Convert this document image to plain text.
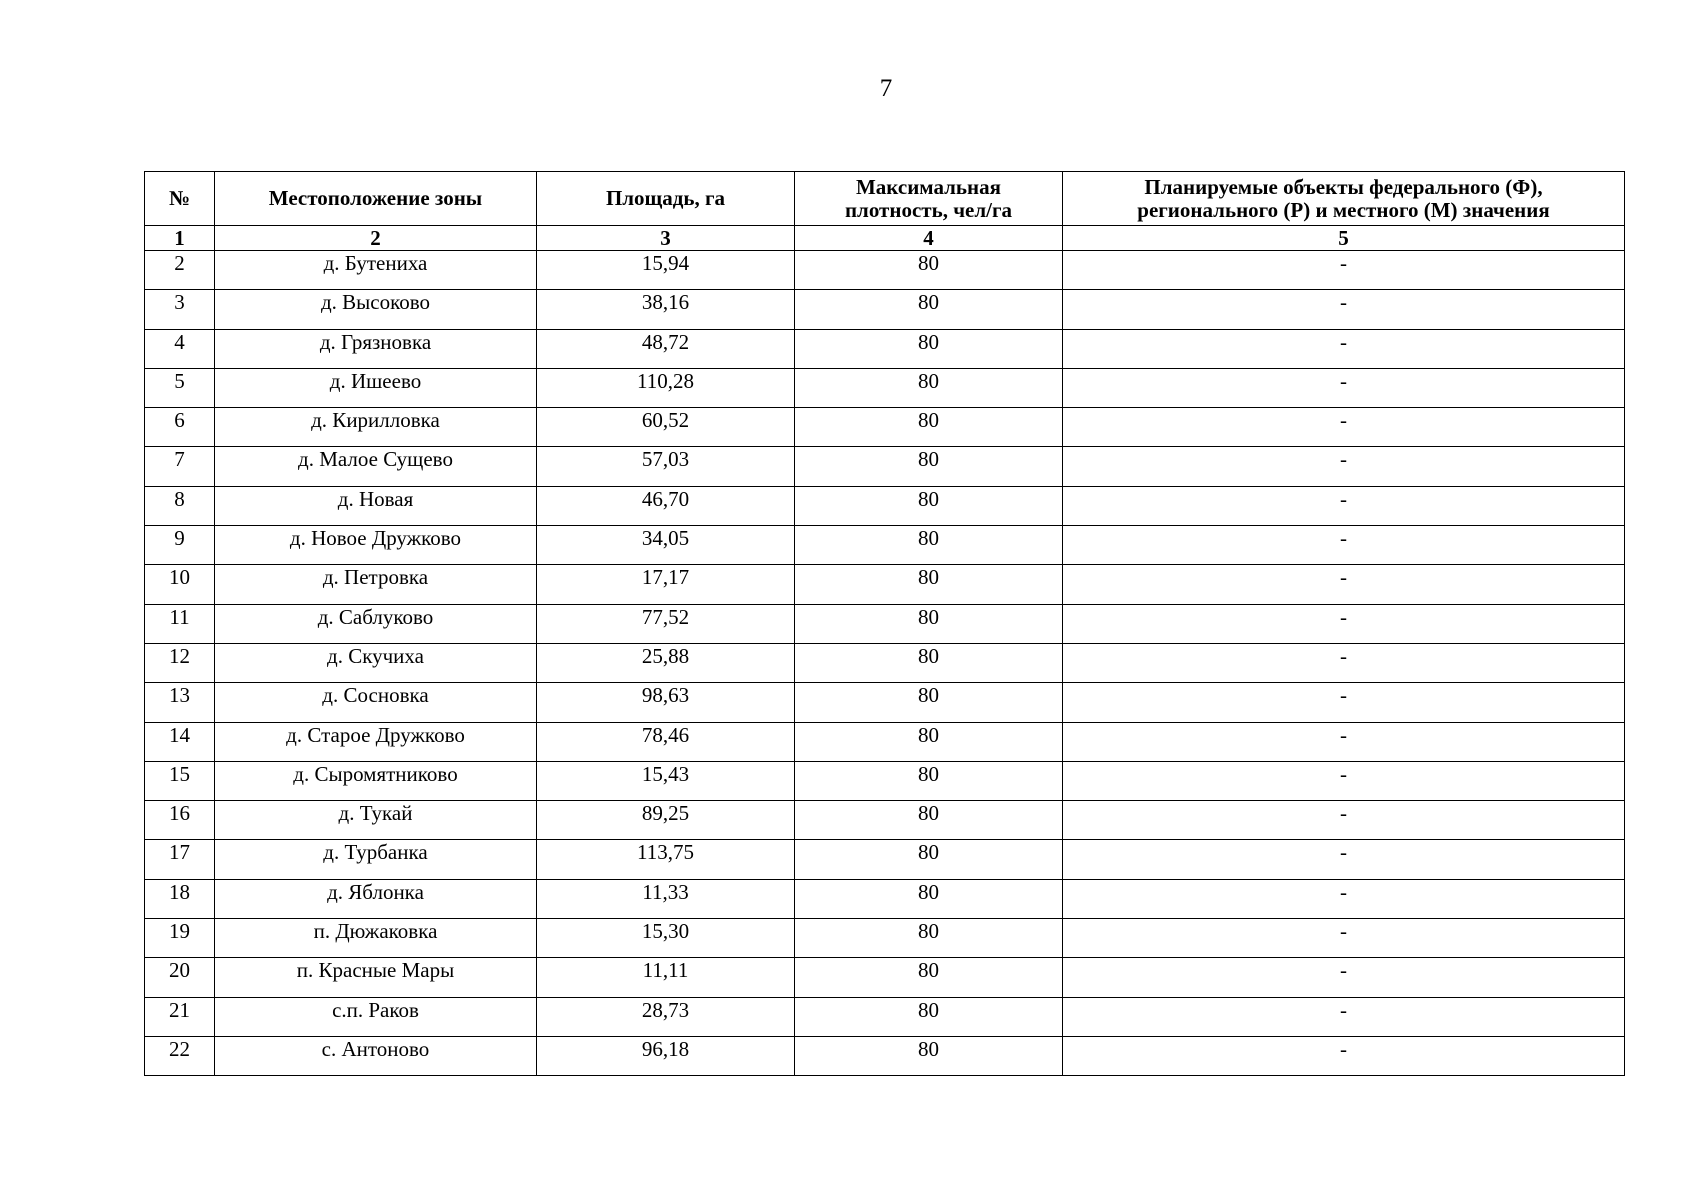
7
№	Местоположение зоны	Площадь, га	Максимальная плотность, чел/га	Планируемые объекты федерального (Ф), регионального (Р) и местного (М) значения
1	2	3	4	5
2	д. Бутениха	15,94	80	-
3	д. Высоково	38,16	80	-
4	д. Грязновка	48,72	80	-
5	д. Ишеево	110,28	80	-
6	д. Кирилловка	60,52	80	-
7	д. Малое Сущево	57,03	80	-
8	д. Новая	46,70	80	-
9	д. Новое Дружково	34,05	80	-
10	д. Петровка	17,17	80	-
11	д. Саблуково	77,52	80	-
12	д. Скучиха	25,88	80	-
13	д. Сосновка	98,63	80	-
14	д. Старое Дружково	78,46	80	-
15	д. Сыромятниково	15,43	80	-
16	д. Тукай	89,25	80	-
17	д. Турбанка	113,75	80	-
18	д. Яблонка	11,33	80	-
19	п. Дюжаковка	15,30	80	-
20	п. Красные Мары	11,11	80	-
21	с.п. Раков	28,73	80	-
22	с. Антоново	96,18	80	-
